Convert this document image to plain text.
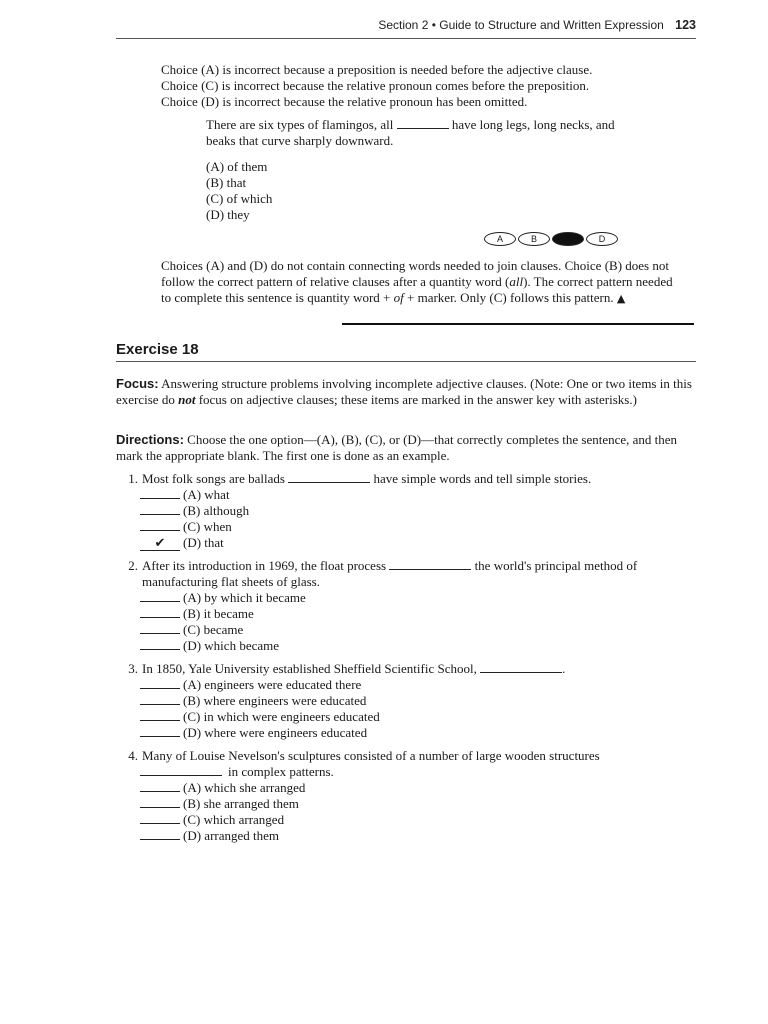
Section 2 • Guide to Structure and Written Expression 123

Choice (A) is incorrect because a preposition is needed before the adjective clause.

Choice (C) is incorrect because the relative pronoun comes before the preposition.

Choice (D) is incorrect because the relative pronoun has been omitted.

There are six types of flamingos, all	have long legs, long necks, and beaks that curve sharply downward.

(A) of them

(B) that

(C) of which

(D) they

A	B	C	D
Choices (A) and (D) do not contain connecting words needed to join clauses. Choice (B) does not follow the correct pattern of relative clauses after a quantity word (all). The correct pattern needed to complete this sentence is quantity word + of + marker. Only (C) follows this pattern. ▲
Exercise 18
Focus: Answering structure problems involving incomplete adjective clauses. (Note: One or two items in this exercise do not focus on adjective clauses; these items are marked in the answer key with asterisks.)
Directions: Choose the one option—(A), (B), (C), or (D)—that correctly completes the sentence, and then mark the appropriate blank. The first one is done as an example.
1. Most folk songs are ballads	have simple words and tell simple stories.
(A) what
(B) although
(C) when
✔ (D) that
2. After its introduction in 1969, the float process	the world's principal method of manufacturing flat sheets of glass.
(A) by which it became
(B) it became
(C) became
(D) which became
3. In 1850, Yale University established Sheffield Scientific School,	.
(A) engineers were educated there
(B) where engineers were educated
(C) in which were engineers educated
(D) where were engineers educated
4. Many of Louise Nevelson's sculptures consisted of a number of large wooden structures
in complex patterns.
(A) which she arranged
(B) she arranged them
(C) which arranged
(D) arranged them
